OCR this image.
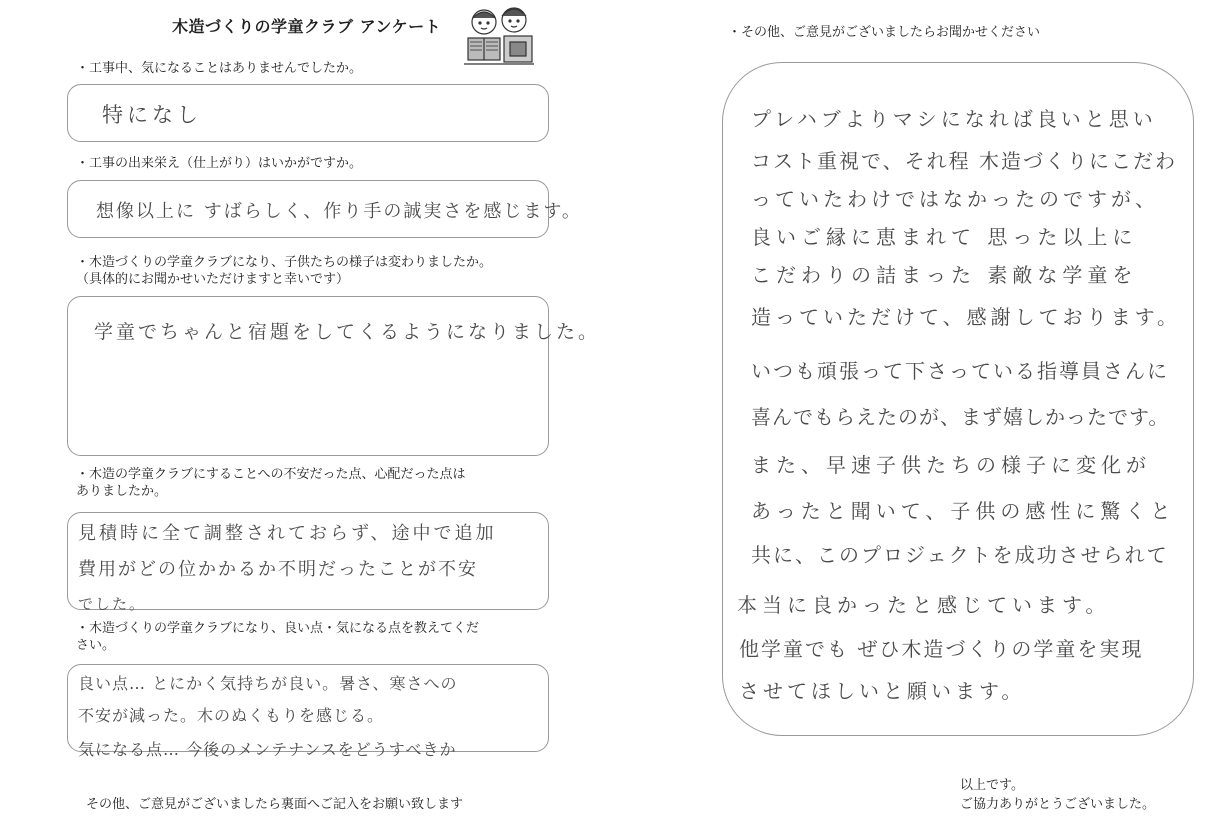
木造づくりの学童クラブ アンケート
・工事中、気になることはありませんでしたか。
特になし
・工事の出来栄え（仕上がり）はいかがですか。
想像以上に すばらしく、作り手の誠実さを感じます。
・木造づくりの学童クラブになり、子供たちの様子は変わりましたか。
（具体的にお聞かせいただけますと幸いです）
学童でちゃんと宿題をしてくるようになりました。
・木造の学童クラブにすることへの不安だった点、心配だった点は
ありましたか。
見積時に全て調整されておらず、途中で追加
費用がどの位かかるか不明だったことが不安
でした。
・木造づくりの学童クラブになり、良い点・気になる点を教えてくだ
さい。
良い点… とにかく気持ちが良い。暑さ、寒さへの
不安が減った。木のぬくもりを感じる。
気になる点… 今後のメンテナンスをどうすべきか
その他、ご意見がございましたら裏面へご記入をお願い致します
・その他、ご意見がございましたらお聞かせください
プレハブよりマシになれば良いと思い
コスト重視で、それ程 木造づくりにこだわ
っていたわけではなかったのですが、
良いご縁に恵まれて 思った以上に
こだわりの詰まった 素敵な学童を
造っていただけて、感謝しております。
いつも頑張って下さっている指導員さんに
喜んでもらえたのが、まず嬉しかったです。
また、早速子供たちの様子に変化が
あったと聞いて、子供の感性に驚くと
共に、このプロジェクトを成功させられて
本当に良かったと感じています。
他学童でも ぜひ木造づくりの学童を実現
させてほしいと願います。
以上です。
ご協力ありがとうございました。
